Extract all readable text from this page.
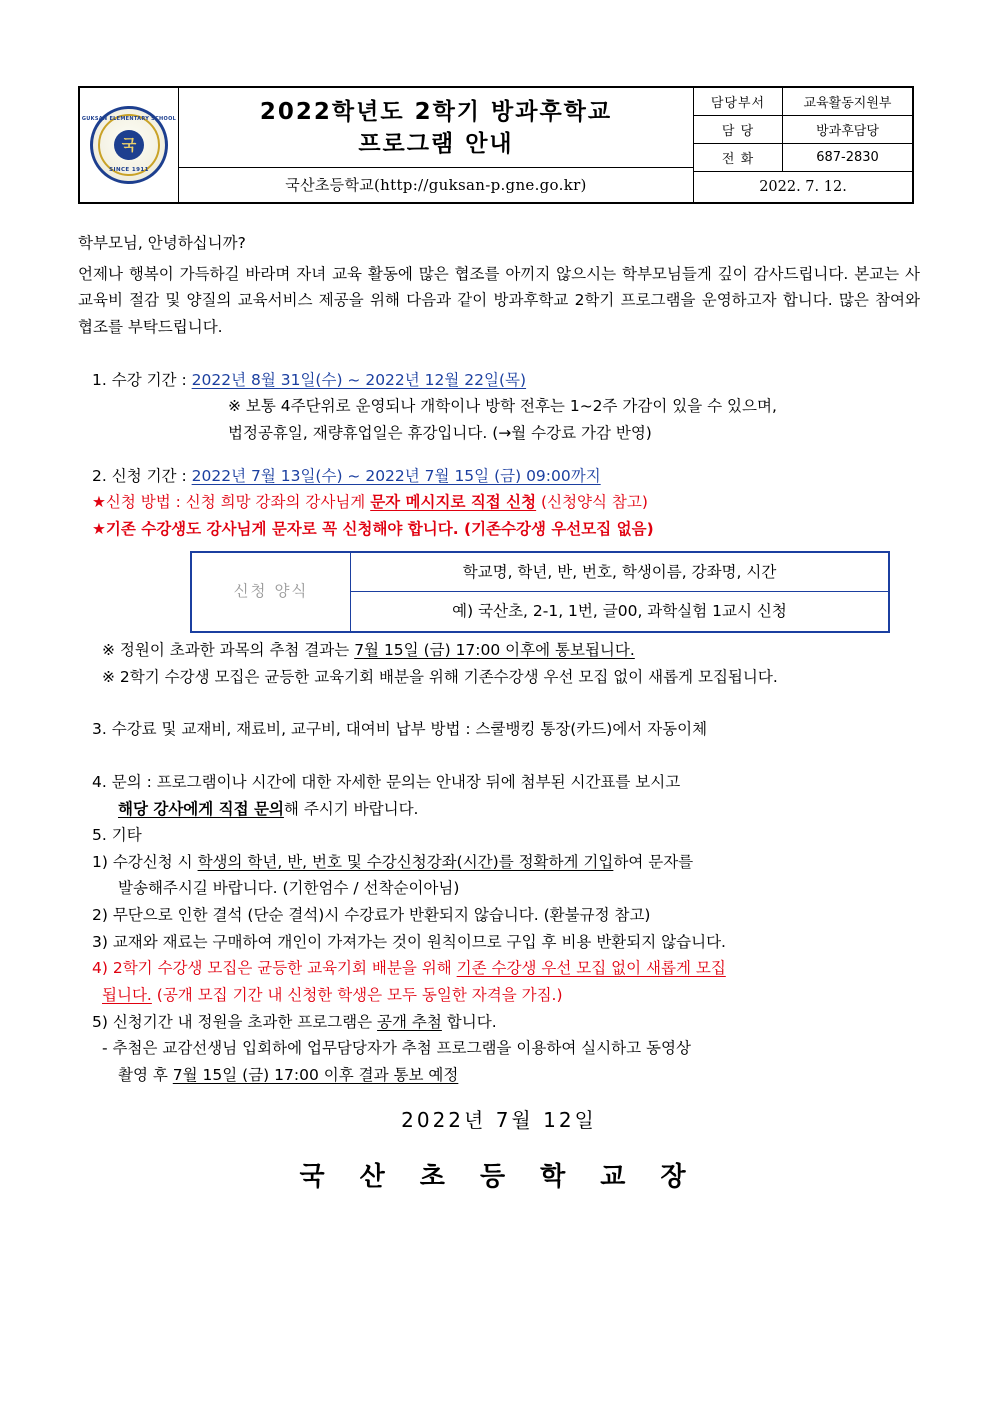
GUKSAN ELEMENTARY SCHOOL
국
SINCE 1911
2022학년도 2학기 방과후학교
프로그램 안내
국산초등학교(http://guksan-p.gne.go.kr)
담당부서	교육활동지원부
담 당	방과후담당
전 화	687-2830
2022. 7. 12.

학부모님, 안녕하십니까?

언제나 행복이 가득하길 바라며 자녀 교육 활동에 많은 협조를 아끼지 않으시는 학부모님들게 깊이 감사드립니다. 본교는 사교육비 절감 및 양질의 교육서비스 제공을 위해 다음과 같이 방과후학교 2학기 프로그램을 운영하고자 합니다. 많은 참여와 협조를 부탁드립니다.

1. 수강 기간 : 2022년 8월 31일(수) ~ 2022년 12월 22일(목)

※ 보통 4주단위로 운영되나 개학이나 방학 전후는 1~2주 가감이 있을 수 있으며,

법정공휴일, 재량휴업일은 휴강입니다. (→월 수강료 가감 반영)

2. 신청 기간 : 2022년 7월 13일(수) ~ 2022년 7월 15일 (금) 09:00까지

★신청 방법 : 신청 희망 강좌의 강사님게 문자 메시지로 직접 신청 (신청양식 참고)

★기존 수강생도 강사님게 문자로 꼭 신청해야 합니다. (기존수강생 우선모집 없음)

신청 양식	학교명, 학년, 반, 번호, 학생이름, 강좌명, 시간
예) 국산초, 2-1, 1번, 글00, 과학실험 1교시 신청

※ 정원이 초과한 과목의 추첨 결과는 7월 15일 (금) 17:00 이후에 통보됩니다.

※ 2학기 수강생 모집은 균등한 교육기회 배분을 위해 기존수강생 우선 모집 없이 새롭게 모집됩니다.

3. 수강료 및 교재비, 재료비, 교구비, 대여비 납부 방법 : 스쿨뱅킹 통장(카드)에서 자동이체

4. 문의 : 프로그램이나 시간에 대한 자세한 문의는 안내장 뒤에 첨부된 시간표를 보시고

해당 강사에게 직접 문의해 주시기 바랍니다.

5. 기타

1) 수강신청 시 학생의 학년, 반, 번호 및 수강신청강좌(시간)를 정확하게 기입하여 문자를

발송해주시길 바랍니다. (기한엄수 / 선착순이아님)

2) 무단으로 인한 결석 (단순 결석)시 수강료가 반환되지 않습니다. (환불규정 참고)

3) 교재와 재료는 구매하여 개인이 가져가는 것이 원칙이므로 구입 후 비용 반환되지 않습니다.

4) 2학기 수강생 모집은 균등한 교육기회 배분을 위해 기존 수강생 우선 모집 없이 새롭게 모집

됩니다. (공개 모집 기간 내 신청한 학생은 모두 동일한 자격을 가짐.)

5) 신청기간 내 정원을 초과한 프로그램은 공개 추첨 합니다.

- 추첨은 교감선생님 입회하에 업무담당자가 추첨 프로그램을 이용하여 실시하고 동영상

촬영 후 7월 15일 (금) 17:00 이후 결과 통보 예정

2022년 7월 12일
국 산 초 등 학 교 장
